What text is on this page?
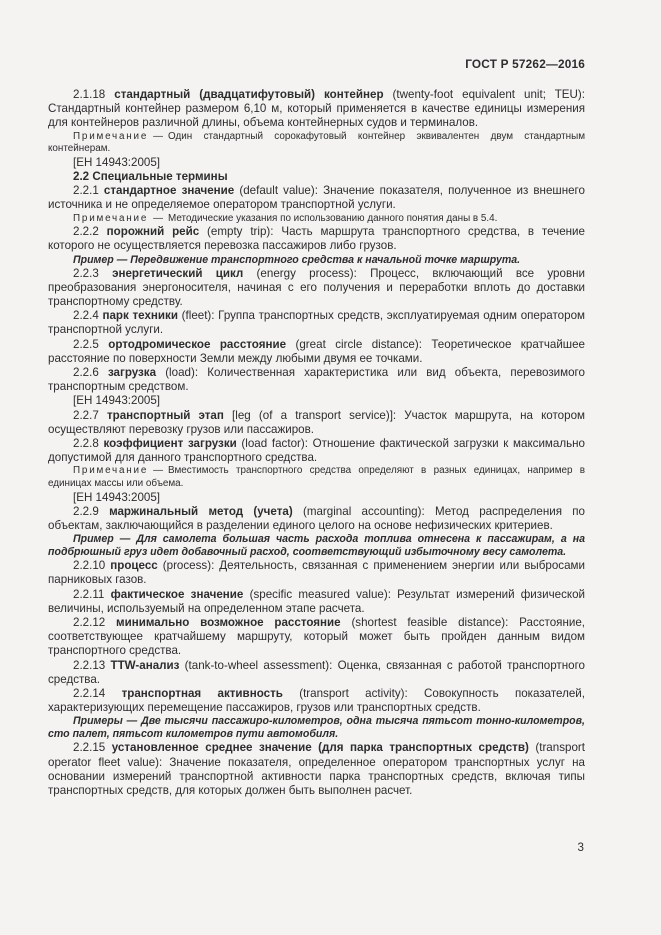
ГОСТ Р 57262—2016

2.1.18 стандартный (двадцатифутовый) контейнер (twenty-foot equivalent unit; TEU): Стандартный контейнер размером 6,10 м, который применяется в качестве единицы измерения для контейнеров различной длины, объема контейнерных судов и терминалов.

Примечание — Один стандартный сорокафутовый контейнер эквивалентен двум стандартным контейнерам.

[ЕН 14943:2005]

2.2 Специальные термины

2.2.1 стандартное значение (default value): Значение показателя, полученное из внешнего источника и не определяемое оператором транспортной услуги.

Примечание — Методические указания по использованию данного понятия даны в 5.4.

2.2.2 порожний рейс (empty trip): Часть маршрута транспортного средства, в течение которого не осуществляется перевозка пассажиров либо грузов.

Пример — Передвижение транспортного средства к начальной точке маршрута.

2.2.3 энергетический цикл (energy process): Процесс, включающий все уровни преобразования энергоносителя, начиная с его получения и переработки вплоть до доставки транспортному средству.

2.2.4 парк техники (fleet): Группа транспортных средств, эксплуатируемая одним оператором транспортной услуги.

2.2.5 ортодромическое расстояние (great circle distance): Теоретическое кратчайшее расстояние по поверхности Земли между любыми двумя ее точками.

2.2.6 загрузка (load): Количественная характеристика или вид объекта, перевозимого транспортным средством.

[ЕН 14943:2005]

2.2.7 транспортный этап [leg (of a transport service)]: Участок маршрута, на котором осуществляют перевозку грузов или пассажиров.

2.2.8 коэффициент загрузки (load factor): Отношение фактической загрузки к максимально допустимой для данного транспортного средства.

Примечание — Вместимость транспортного средства определяют в разных единицах, например в единицах массы или объема.

[ЕН 14943:2005]

2.2.9 маржинальный метод (учета) (marginal accounting): Метод распределения по объектам, заключающийся в разделении единого целого на основе нефизических критериев.

Пример — Для самолета большая часть расхода топлива отнесена к пассажирам, а на подбрюшный груз идет добавочный расход, соответствующий избыточному весу самолета.

2.2.10 процесс (process): Деятельность, связанная с применением энергии или выбросами парниковых газов.

2.2.11 фактическое значение (specific measured value): Результат измерений физической величины, используемый на определенном этапе расчета.

2.2.12 минимально возможное расстояние (shortest feasible distance): Расстояние, соответствующее кратчайшему маршруту, который может быть пройден данным видом транспортного средства.

2.2.13 TTW-анализ (tank-to-wheel assessment): Оценка, связанная с работой транспортного средства.

2.2.14 транспортная активность (transport activity): Совокупность показателей, характеризующих перемещение пассажиров, грузов или транспортных средств.

Примеры — Две тысячи пассажиро-километров, одна тысяча пятьсот тонно-километров, сто палет, пятьсот километров пути автомобиля.

2.2.15 установленное среднее значение (для парка транспортных средств) (transport operator fleet value): Значение показателя, определенное оператором транспортных услуг на основании измерений транспортной активности парка транспортных средств, включая типы транспортных средств, для которых должен быть выполнен расчет.

3
